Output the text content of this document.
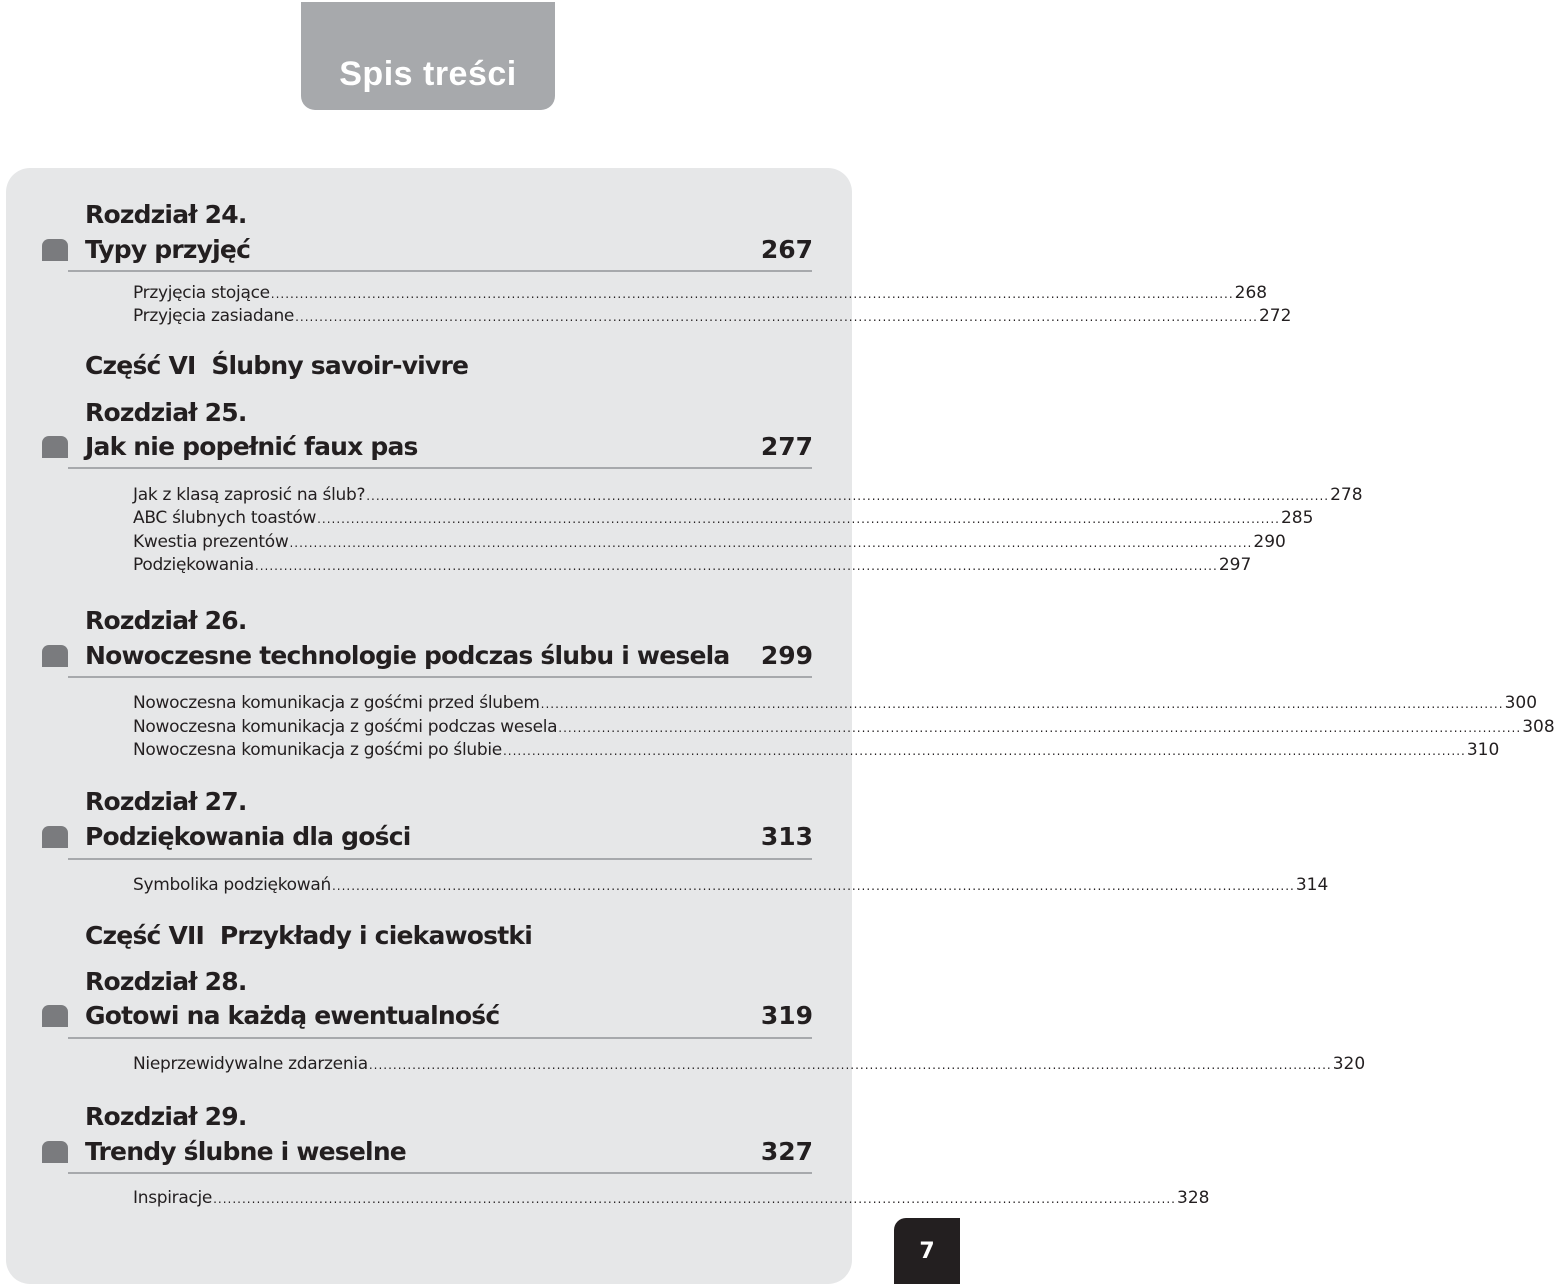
Spis treści
Rozdział 24.
Typy przyjęć	267
Przyjęcia stojące ........................................................................................................................................................................................................ 268
Przyjęcia zasiadane ........................................................................................................................................................................................................ 272
Część VI Ślubny savoir-vivre
Rozdział 25.
Jak nie popełnić faux pas	277
Jak z klasą zaprosić na ślub? ........................................................................................................................................................................................................ 278
ABC ślubnych toastów ........................................................................................................................................................................................................ 285
Kwestia prezentów ........................................................................................................................................................................................................ 290
Podziękowania ........................................................................................................................................................................................................ 297
Rozdział 26.
Nowoczesne technologie podczas ślubu i wesela 299
Nowoczesna komunikacja z gośćmi przed ślubem ........................................................................................................................................................................................................ 300
Nowoczesna komunikacja z gośćmi podczas wesela ........................................................................................................................................................................................................ 308
Nowoczesna komunikacja z gośćmi po ślubie ........................................................................................................................................................................................................ 310
Rozdział 27.
Podziękowania dla gości	313
Symbolika podziękowań ........................................................................................................................................................................................................ 314
Część VII Przykłady i ciekawostki
Rozdział 28.
Gotowi na każdą ewentualność	319
Nieprzewidywalne zdarzenia ........................................................................................................................................................................................................ 320
Rozdział 29.
Trendy ślubne i weselne	327
Inspiracje ........................................................................................................................................................................................................ 328
7
